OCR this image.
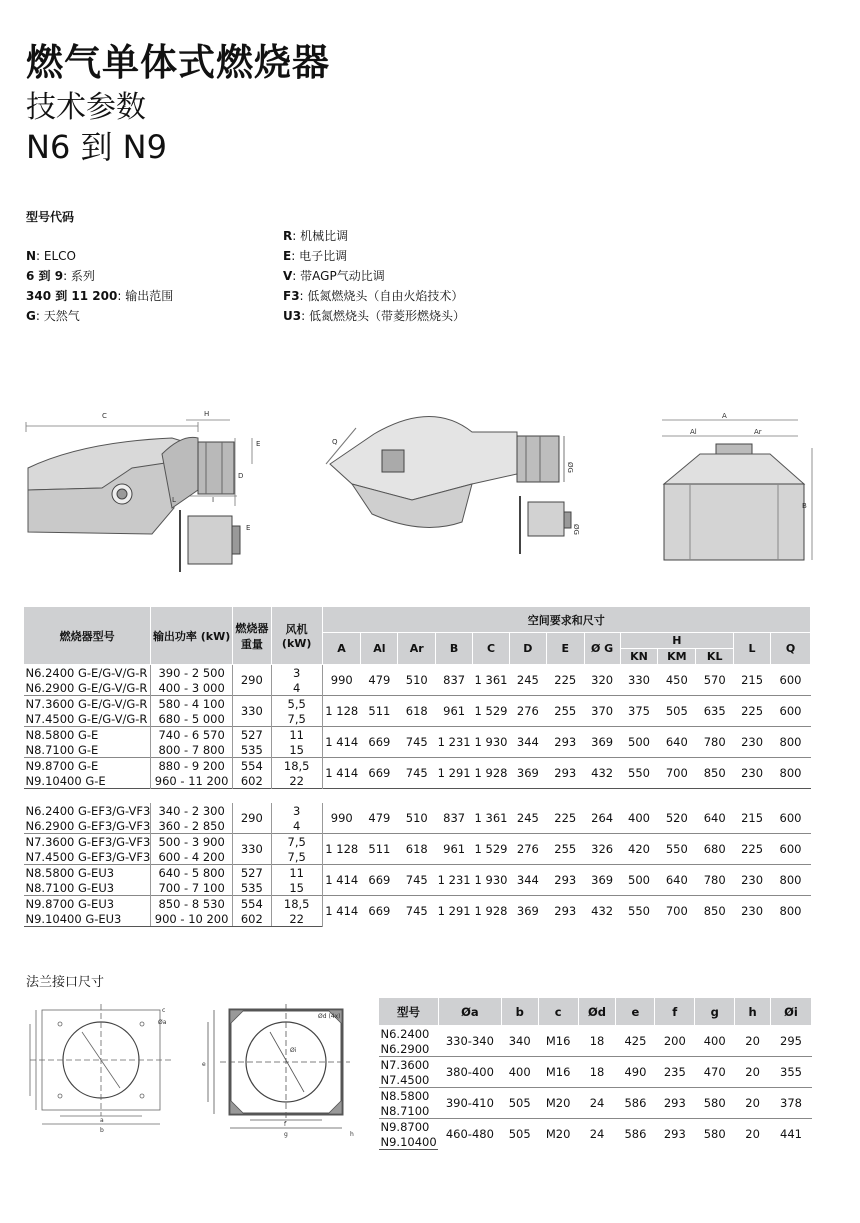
燃气单体式燃烧器
技术参数
N6 到 N9
型号代码
N: ELCO
6 到 9: 系列
340 到 11 200: 输出范围
G: 天然气
R: 机械比调
E: 电子比调
V: 带AGP气动比调
F3: 低氮燃烧头（自由火焰技术）
U3: 低氮燃烧头（带菱形燃烧头）
C	H
E
D
L	I
E
Q
ØG
ØG
A
Al	Ar
B
燃烧器型号	输出功率 (kW)	燃烧器
重量	风机(kW)	空间要求和尺寸												
				A	Al	Ar	B	C	D	E	Ø G	H			L	Q
												KN	KM	KL		
N6.2400 G-E/G-V/G-R	390 - 2 500	290	3	990	479	510	837	1 361	245	225	320	330	450	570	215	600
N6.2900 G-E/G-V/G-R	400 - 3 000		4													
N7.3600 G-E/G-V/G-R	580 - 4 100	330	5,5	1 128	511	618	961	1 529	276	255	370	375	505	635	225	600
N7.4500 G-E/G-V/G-R	680 - 5 000		7,5													
N8.5800 G-E	740 - 6 570	527	11	1 414	669	745	1 231	1 930	344	293	369	500	640	780	230	800
N8.7100 G-E	800 - 7 800	535	15													
N9.8700 G-E	880 - 9 200	554	18,5	1 414	669	745	1 291	1 928	369	293	432	550	700	850	230	800
N9.10400 G-E	960 - 11 200	602	22													

N6.2400 G-EF3/G-VF3	340 - 2 300	290	3	990	479	510	837	1 361	245	225	264	400	520	640	215	600
N6.2900 G-EF3/G-VF3	360 - 2 850		4													
N7.3600 G-EF3/G-VF3	500 - 3 900	330	7,5	1 128	511	618	961	1 529	276	255	326	420	550	680	225	600
N7.4500 G-EF3/G-VF3	600 - 4 200		7,5													
N8.5800 G-EU3	640 - 5 800	527	11	1 414	669	745	1 231	1 930	344	293	369	500	640	780	230	800
N8.7100 G-EU3	700 - 7 100	535	15													
N9.8700 G-EU3	850 - 8 530	554	18,5	1 414	669	745	1 291	1 928	369	293	432	550	700	850	230	800
N9.10400 G-EU3	900 - 10 200	602	22													
法兰接口尺寸
c
Øa
a
b
Ød (4x)
Øi
f
g
e
h
型号	Øa	b	c	Ød	e	f	g	h	Øi
N6.2400	330-340	340	M16	18	425	200	400	20	295
N6.2900									
N7.3600	380-400	400	M16	18	490	235	470	20	355
N7.4500									
N8.5800	390-410	505	M20	24	586	293	580	20	378
N8.7100									
N9.8700	460-480	505	M20	24	586	293	580	20	441
N9.10400									
